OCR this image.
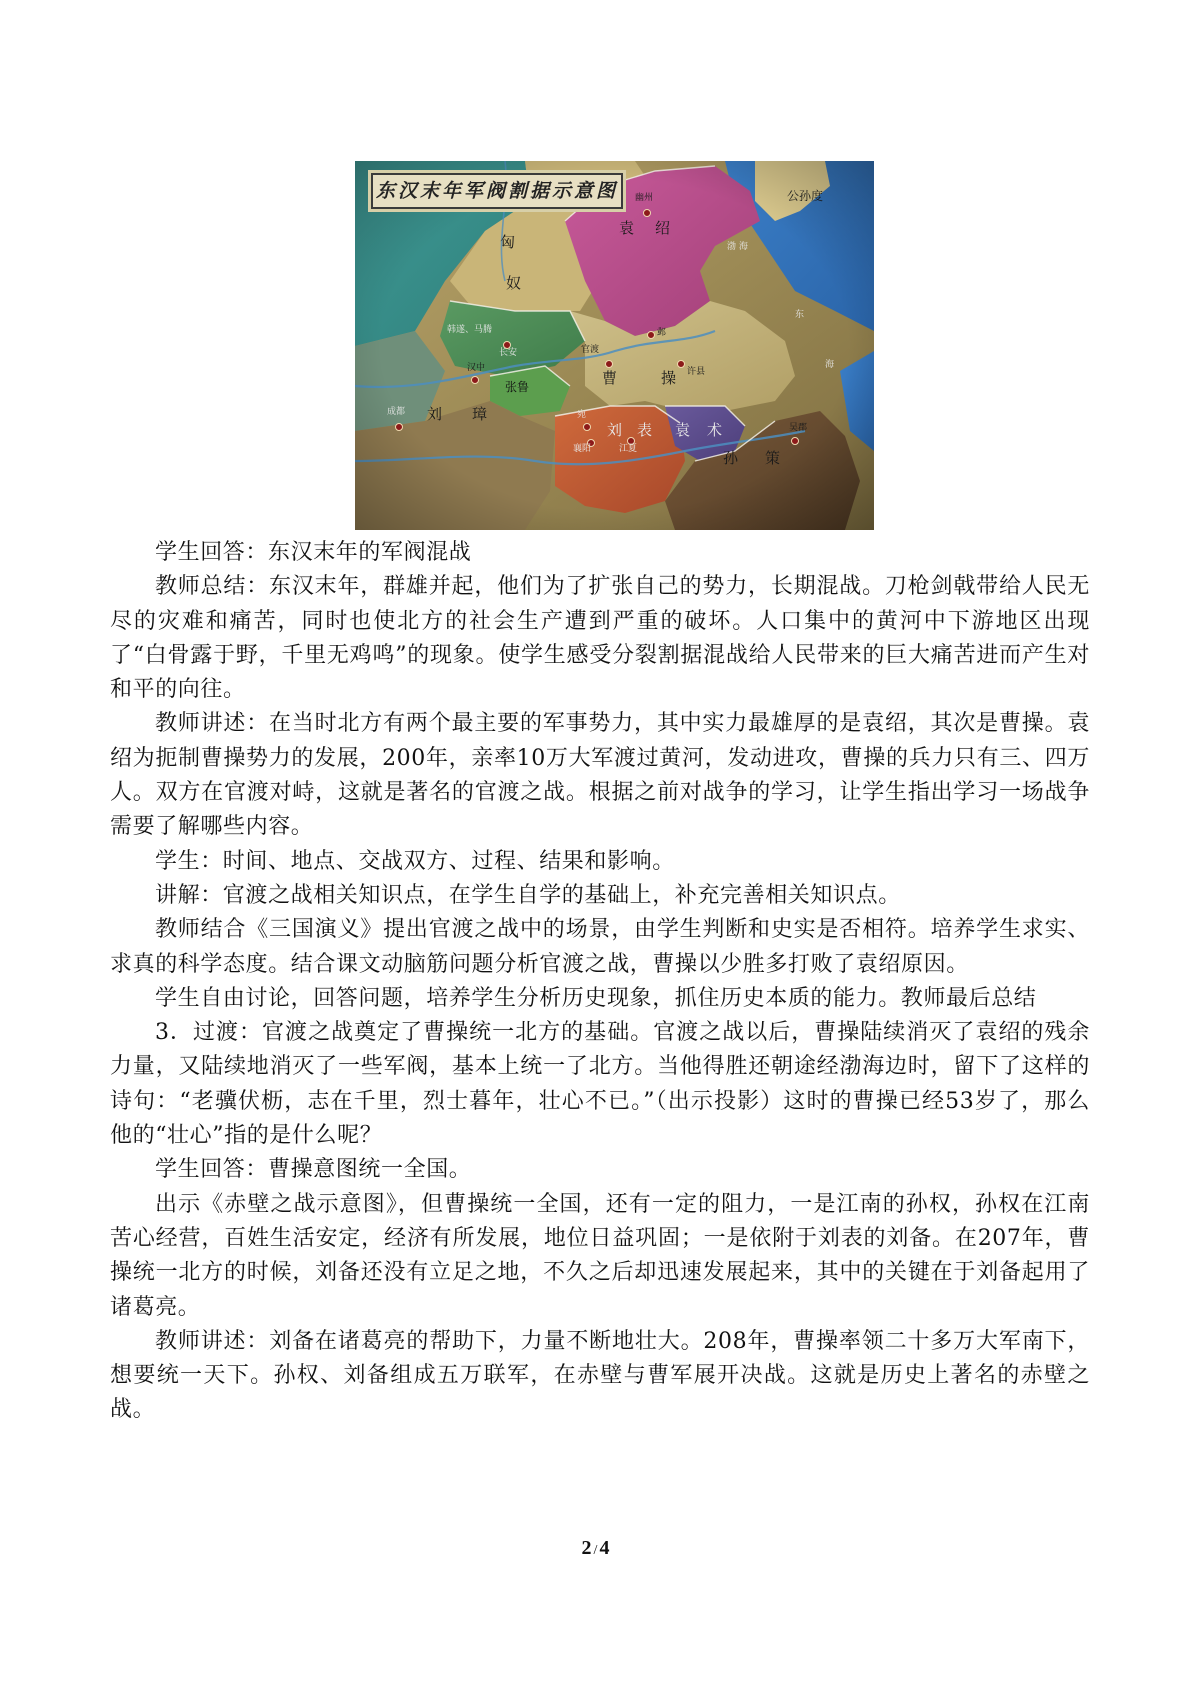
东汉末年军阀割据示意图
袁 绍
匈
奴
韩遂、马腾
曹	操
张鲁
刘 璋
刘 表 袁 术
孙 策
公孙度
渤 海
东
海
幽州
邺
官渡
许县
长安
汉中
成都	宛
襄阳	江夏
吴郡

学生回答：东汉末年的军阀混战

教师总结：东汉末年，群雄并起，他们为了扩张自己的势力，长期混战。刀枪剑戟带给人民无尽的灾难和痛苦，同时也使北方的社会生产遭到严重的破坏。人口集中的黄河中下游地区出现了“白骨露于野，千里无鸡鸣”的现象。使学生感受分裂割据混战给人民带来的巨大痛苦进而产生对和平的向往。

教师讲述：在当时北方有两个最主要的军事势力，其中实力最雄厚的是袁绍，其次是曹操。袁绍为扼制曹操势力的发展，200年，亲率10万大军渡过黄河，发动进攻，曹操的兵力只有三、四万人。双方在官渡对峙，这就是著名的官渡之战。根据之前对战争的学习，让学生指出学习一场战争需要了解哪些内容。

学生：时间、地点、交战双方、过程、结果和影响。

讲解：官渡之战相关知识点，在学生自学的基础上，补充完善相关知识点。

教师结合《三国演义》提出官渡之战中的场景，由学生判断和史实是否相符。培养学生求实、求真的科学态度。结合课文动脑筋问题分析官渡之战，曹操以少胜多打败了袁绍原因。

学生自由讨论，回答问题，培养学生分析历史现象，抓住历史本质的能力。教师最后总结

3．过渡：官渡之战奠定了曹操统一北方的基础。官渡之战以后，曹操陆续消灭了袁绍的残余力量，又陆续地消灭了一些军阀，基本上统一了北方。当他得胜还朝途经渤海边时，留下了这样的诗句：“老骥伏枥，志在千里，烈士暮年，壮心不已。”（出示投影）这时的曹操已经53岁了，那么他的“壮心”指的是什么呢？

学生回答：曹操意图统一全国。

出示《赤壁之战示意图》，但曹操统一全国，还有一定的阻力，一是江南的孙权，孙权在江南苦心经营，百姓生活安定，经济有所发展，地位日益巩固；一是依附于刘表的刘备。在207年，曹操统一北方的时候，刘备还没有立足之地，不久之后却迅速发展起来，其中的关键在于刘备起用了诸葛亮。

教师讲述：刘备在诸葛亮的帮助下，力量不断地壮大。208年，曹操率领二十多万大军南下，想要统一天下。孙权、刘备组成五万联军，在赤壁与曹军展开决战。这就是历史上著名的赤壁之战。

2 / 4
